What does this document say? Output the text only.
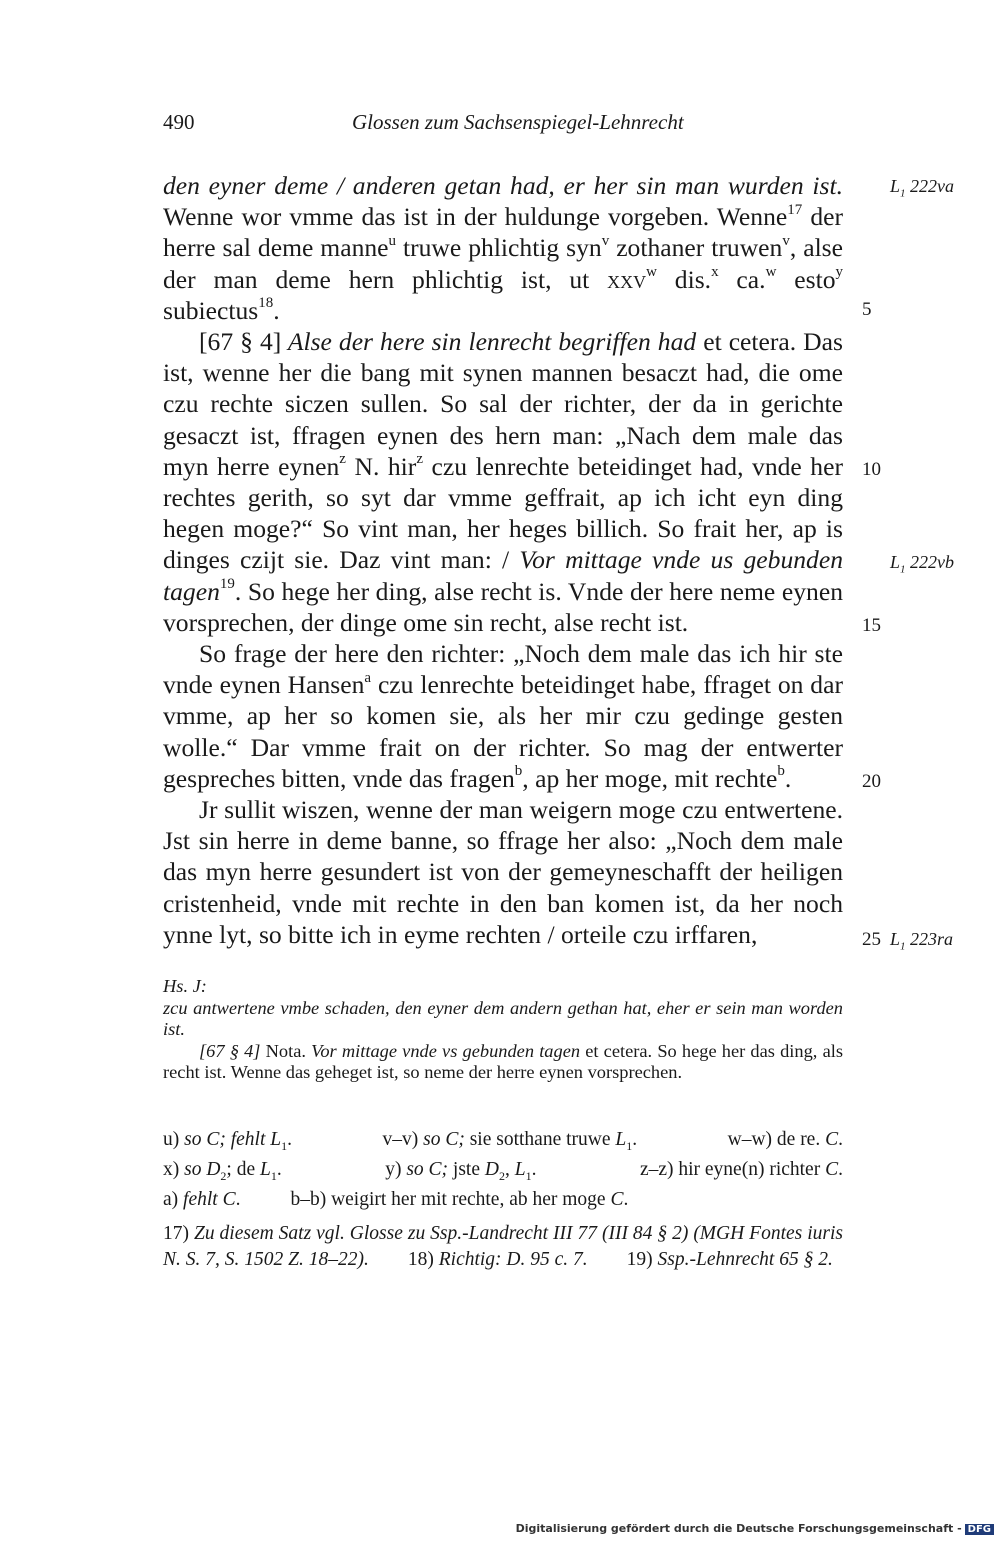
490	Glossen zum Sachsenspiegel-Lehnrecht

den eyner deme / anderen getan had, er her sin man wurden ist. Wenne wor vmme das ist in der huldunge vorgeben. Wenne$^{17}$ der herre sal deme manne$^u$ truwe phlichtig syn$^v$ zothaner truwen$^v$, alse der man deme hern phlichtig ist, ut xxv$^w$ dis.$^x$ ca.$^w$ esto$^y$ subiectus$^{18}$.

[67 § 4] Alse der here sin lenrecht begriffen had et cetera. Das ist, wenne her die bang mit synen mannen besaczt had, die ome czu rechte siczen sullen. So sal der richter, der da in gerichte gesaczt ist, ffragen eynen des hern man: „Nach dem male das myn herre eynen$^z$ N. hir$^z$ czu lenrechte beteidinget had, vnde her rechtes gerith, so syt dar vmme geffrait, ap ich icht eyn ding hegen moge?“ So vint man, her heges billich. So frait her, ap is dinges czijt sie. Daz vint man: / Vor mittage vnde us gebunden tagen$^{19}$. So hege her ding, alse recht is. Vnde der here neme eynen vorsprechen, der dinge ome sin recht, alse recht ist.

So frage der here den richter: „Noch dem male das ich hir ste vnde eynen Hansen$^a$ czu lenrechte beteidinget habe, ffraget on dar vmme, ap her so komen sie, als her mir czu gedinge gesten wolle.“ Dar vmme frait on der richter. So mag der entwerter gespreches bitten, vnde das fragen$^b$, ap her moge, mit rechte$^b$.

Jr sullit wiszen, wenne der man weigern moge czu entwertene. Jst sin herre in deme banne, so ffrage her also: „Noch dem male das myn herre gesundert ist von der gemeyneschafft der heiligen cristenheid, vnde mit rechte in den ban komen ist, da her noch ynne lyt, so bitte ich in eyme rechten / orteile czu irffaren,

5
10
15
20
25
$L_1$ 222va
$L_1$ 222vb
$L_1$ 223ra

Hs. J:

zcu antwertene vmbe schaden, den eyner dem andern gethan hat, eher er sein man worden ist.

[67 § 4] Nota. Vor mittage vnde vs gebunden tagen et cetera. So hege her das ding, als recht ist. Wenne das geheget ist, so neme der herre eynen vorsprechen.

u) so C; fehlt $L_1$.	v–v) so C; sie sotthane truwe $L_1$.	w–w) de re. C.
x) so $D_2$; de $L_1$.	y) so C; jste $D_2$, $L_1$.	z–z) hir eyne(n) richter C.
a) fehlt C.	b–b) weigirt her mit rechte, ab her moge C.
17) Zu diesem Satz vgl. Glosse zu Ssp.-Landrecht III 77 (III 84 § 2) (MGH Fontes iuris N. S. 7, S. 1502 Z. 18–22).   18) Richtig: D. 95 c. 7.   19) Ssp.-Lehnrecht 65 § 2.
Digitalisierung gefördert durch die Deutsche Forschungsgemeinschaft - DFG
